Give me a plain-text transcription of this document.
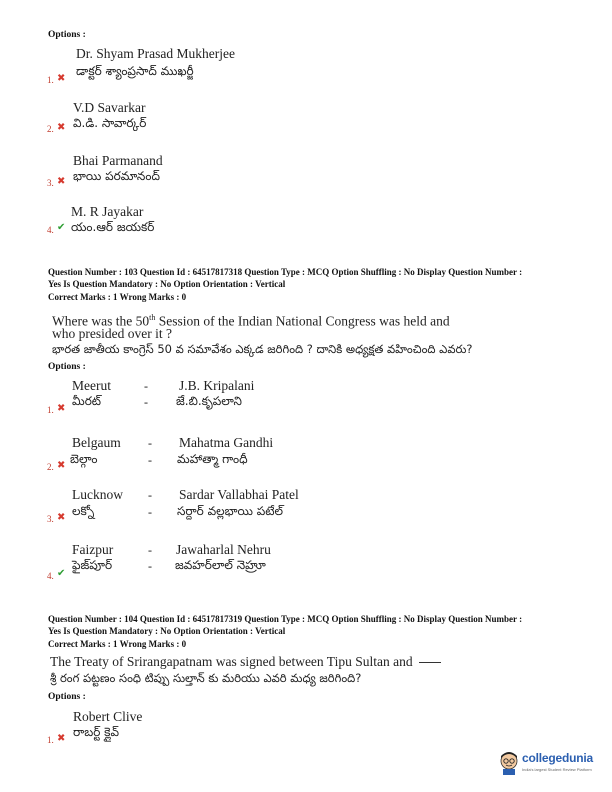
Options :
Dr. Shyam Prasad Mukherjee
డాక్టర్ శ్యాంప్రసాద్ ముఖర్జీ
1. ✖
V.D Savarkar
వి.డి. సావార్కర్
2. ✖
Bhai Parmanand
భాయి పరమానంద్
3. ✖
M. R Jayakar
యం.ఆర్ జయకర్
4. ✔
Question Number : 103 Question Id : 64517817318 Question Type : MCQ Option Shuffling : No Display Question Number :
Yes Is Question Mandatory : No Option Orientation : Vertical
Correct Marks : 1 Wrong Marks : 0
Where was the 50th Session of the Indian National Congress was held and
who presided over it ?
భారత జాతీయ కాంగ్రెస్ 50 వ సమావేశం ఎక్కడ జరిగింది ? దానికి అధ్యక్షత వహించింది ఎవరు?
Options :
Meerut	- J.B. Kripalani
మీరట్	- జే.బి.కృపలాని
1. ✖
Belgaum - Mahatma Gandhi
బెల్గాం	- మహాత్మా గాంధీ
2. ✖
Lucknow - Sardar Vallabhai Patel
లక్నో	- సర్దార్ వల్లభాయి పటేల్
3. ✖
Faizpur	- Jawaharlal Nehru
ఫైజ్‌పూర్	- జవహర్‌లాల్ నెహ్రూ
4. ✔
Question Number : 104 Question Id : 64517817319 Question Type : MCQ Option Shuffling : No Display Question Number :
Yes Is Question Mandatory : No Option Orientation : Vertical
Correct Marks : 1 Wrong Marks : 0
The Treaty of Srirangapatnam was signed between Tipu Sultan and
శ్రీ రంగ పట్టణం సంధి టిప్పు సుల్తాన్ కు మరియు ఎవరి మధ్య జరిగింది?
Options :
Robert Clive
రాబర్ట్ క్లైవ్
1. ✖
collegedunia
India's largest Student Review Platform
